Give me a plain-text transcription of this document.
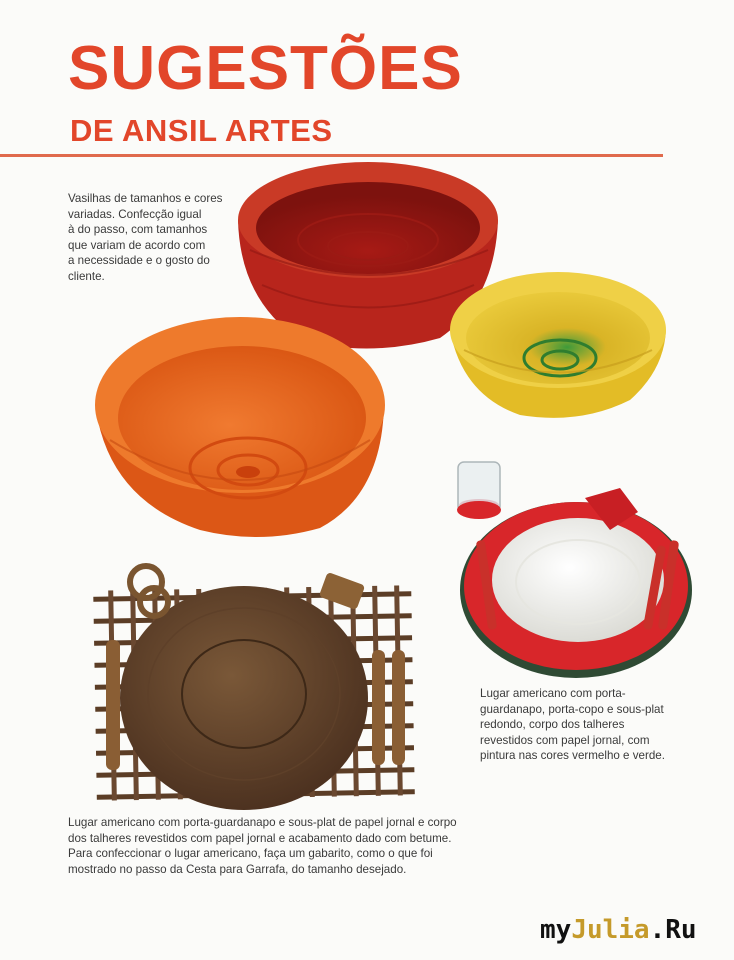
SUGESTÕES
DE ANSIL ARTES

Vasilhas de tamanhos e cores
variadas. Confecção igual
à do passo, com tamanhos
que variam de acordo com
a necessidade e o gosto do
cliente.

Lugar americano com porta-
guardanapo, porta-copo e sous-plat
redondo, corpo dos talheres
revestidos com papel jornal, com
pintura nas cores vermelho e verde.

Lugar americano com porta-guardanapo e sous-plat de papel jornal e corpo
dos talheres revestidos com papel jornal e acabamento dado com betume.
Para confeccionar o lugar americano, faça um gabarito, como o que foi
mostrado no passo da Cesta para Garrafa, do tamanho desejado.

myJulia.Ru
